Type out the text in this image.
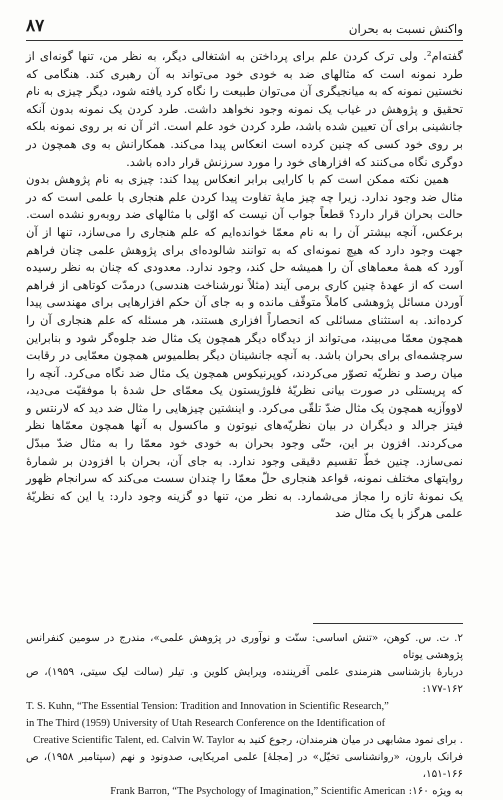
واکنش نسبت به بحران
۸۷

گفته‌ام². ولی ترک کردن علم برای پرداختن به اشتغالی دیگر، به نظر من، تنها گونه‌ای از طرد نمونه است که مثالهای ضد به خودی خود می‌تواند به آن رهبری کند. هنگامی که نخستین نمونه که به میانجیگری آن می‌توان طبیعت را نگاه کرد یافته شود، دیگر چیزی به نام تحقیق و پژوهش در غیاب یک نمونه وجود نخواهد داشت. طرد کردن یک نمونه بدون آنکه جانشینی برای آن تعیین شده باشد، طرد کردن خود علم است. اثر آن نه بر روی نمونه بلکه بر روی خود کسی که چنین کرده است انعکاس پیدا می‌کند. همکارانش به وی همچون در دوگری نگاه می‌کنند که افزارهای خود را مورد سرزنش قرار داده باشد.

همین نکته ممکن است کم با کارایی برابر انعکاس پیدا کند: چیزی به نام پژوهش بدون مثال ضد وجود ندارد. زیرا چه چیز مایهٔ تفاوت پیدا کردن علم هنجاری با علمی است که در حالت بحران قرار دارد؟ قطعاً جواب آن نیست که اوّلی با مثالهای ضد روبه‌رو نشده است. برعکس، آنچه بیشتر آن را به نام معمّا خوانده‌ایم که علم هنجاری را می‌سازد، تنها از آن جهت وجود دارد که هیچ نمونه‌ای که به توانند شالوده‌ای برای پژوهش علمی چنان فراهم آورد که همهٔ معماهای آن را همیشه حل کند، وجود ندارد. معدودی که چنان به نظر رسیده است که از عهدهٔ چنین کاری برمی آیند (مثلاً نورشناخت هندسی) درمدّت کوتاهی از فراهم آوردن مسائل پژوهشی کاملاً متوقّف مانده و به جای آن حکم افزارهایی برای مهندسی پیدا کرده‌اند. به استثنای مسائلی که انحصاراً افزاری هستند، هر مسئله که علم هنجاری آن را همچون معمّا می‌بیند، می‌تواند از دیدگاه دیگر همچون یک مثال ضد جلوه‌گر شود و بنابراین سرچشمه‌ای برای بحران باشد. به آنچه جانشینان دیگر بطلمیوس همچون معمّایی در رقابت میان رصد و نظریّه تصوّر می‌کردند، کوپرنیکوس همچون یک مثال ضد نگاه می‌کرد. آنچه را که پریستلی در صورت بیانی نظریّهٔ فلوژیستون یک معمّای حل شدهٔ با موفقیّت می‌دید، لاووآزیه همچون یک مثال ضدّ تلقّی می‌کرد. و اینشتین چیزهایی را مثال ضد دید که لارنتس و فیتز جرالد و دیگران در بیان نظریّه‌های نیوتون و ماکسول به آنها همچون معمّاها نظر می‌کردند. افزون بر این، حتّی وجود بحران به خودی خود معمّا را به مثال ضدّ مبدّل نمی‌سازد. چنین خطّ تقسیم دقیقی وجود ندارد. به جای آن، بحران با افزودن بر شمارهٔ روایتهای مختلف نمونه، قواعد هنجاری حلّ معمّا را چندان سست می‌کند که سرانجام ظهور یک نمونهٔ تازه را مجاز می‌شمارد. به نظر من، تنها دو گزینه وجود دارد: یا این که نظریّهٔ علمی هرگز با یک مثال ضد

۲. ت. س. کوهن، «تنش اساسی: سنّت و نوآوری در پژوهش علمی»، مندرج در سومین کنفرانس پژوهشی یوتاه

دربارهٔ بازشناسی هنرمندی علمی آفریننده، ویرایش کلوین و. تیلر (سالت لیک سیتی، ۱۹۵۹)، ص ۱۶۲-۱۷۷:

T. S. Kuhn, “The Essential Tension: Tradition and Innovation in Scientific Research,”

in The Third (1959) University of Utah Research Conference on the Identification of

. برای نمود مشابهی در میان هنرمندان، رجوع کنید به Creative Scientific Talent, ed. Calvin W. Taylor

فرانک بارون، «روانشناسی تخیّل» در [مجلهٔ] علمی امریکایی، صدونود و نهم (سپتامبر ۱۹۵۸)، ص ۱۶۶-۱۵۱،

به ویژه ۱۶۰: Frank Barron, “The Psychology of Imagination,” Scientific American
